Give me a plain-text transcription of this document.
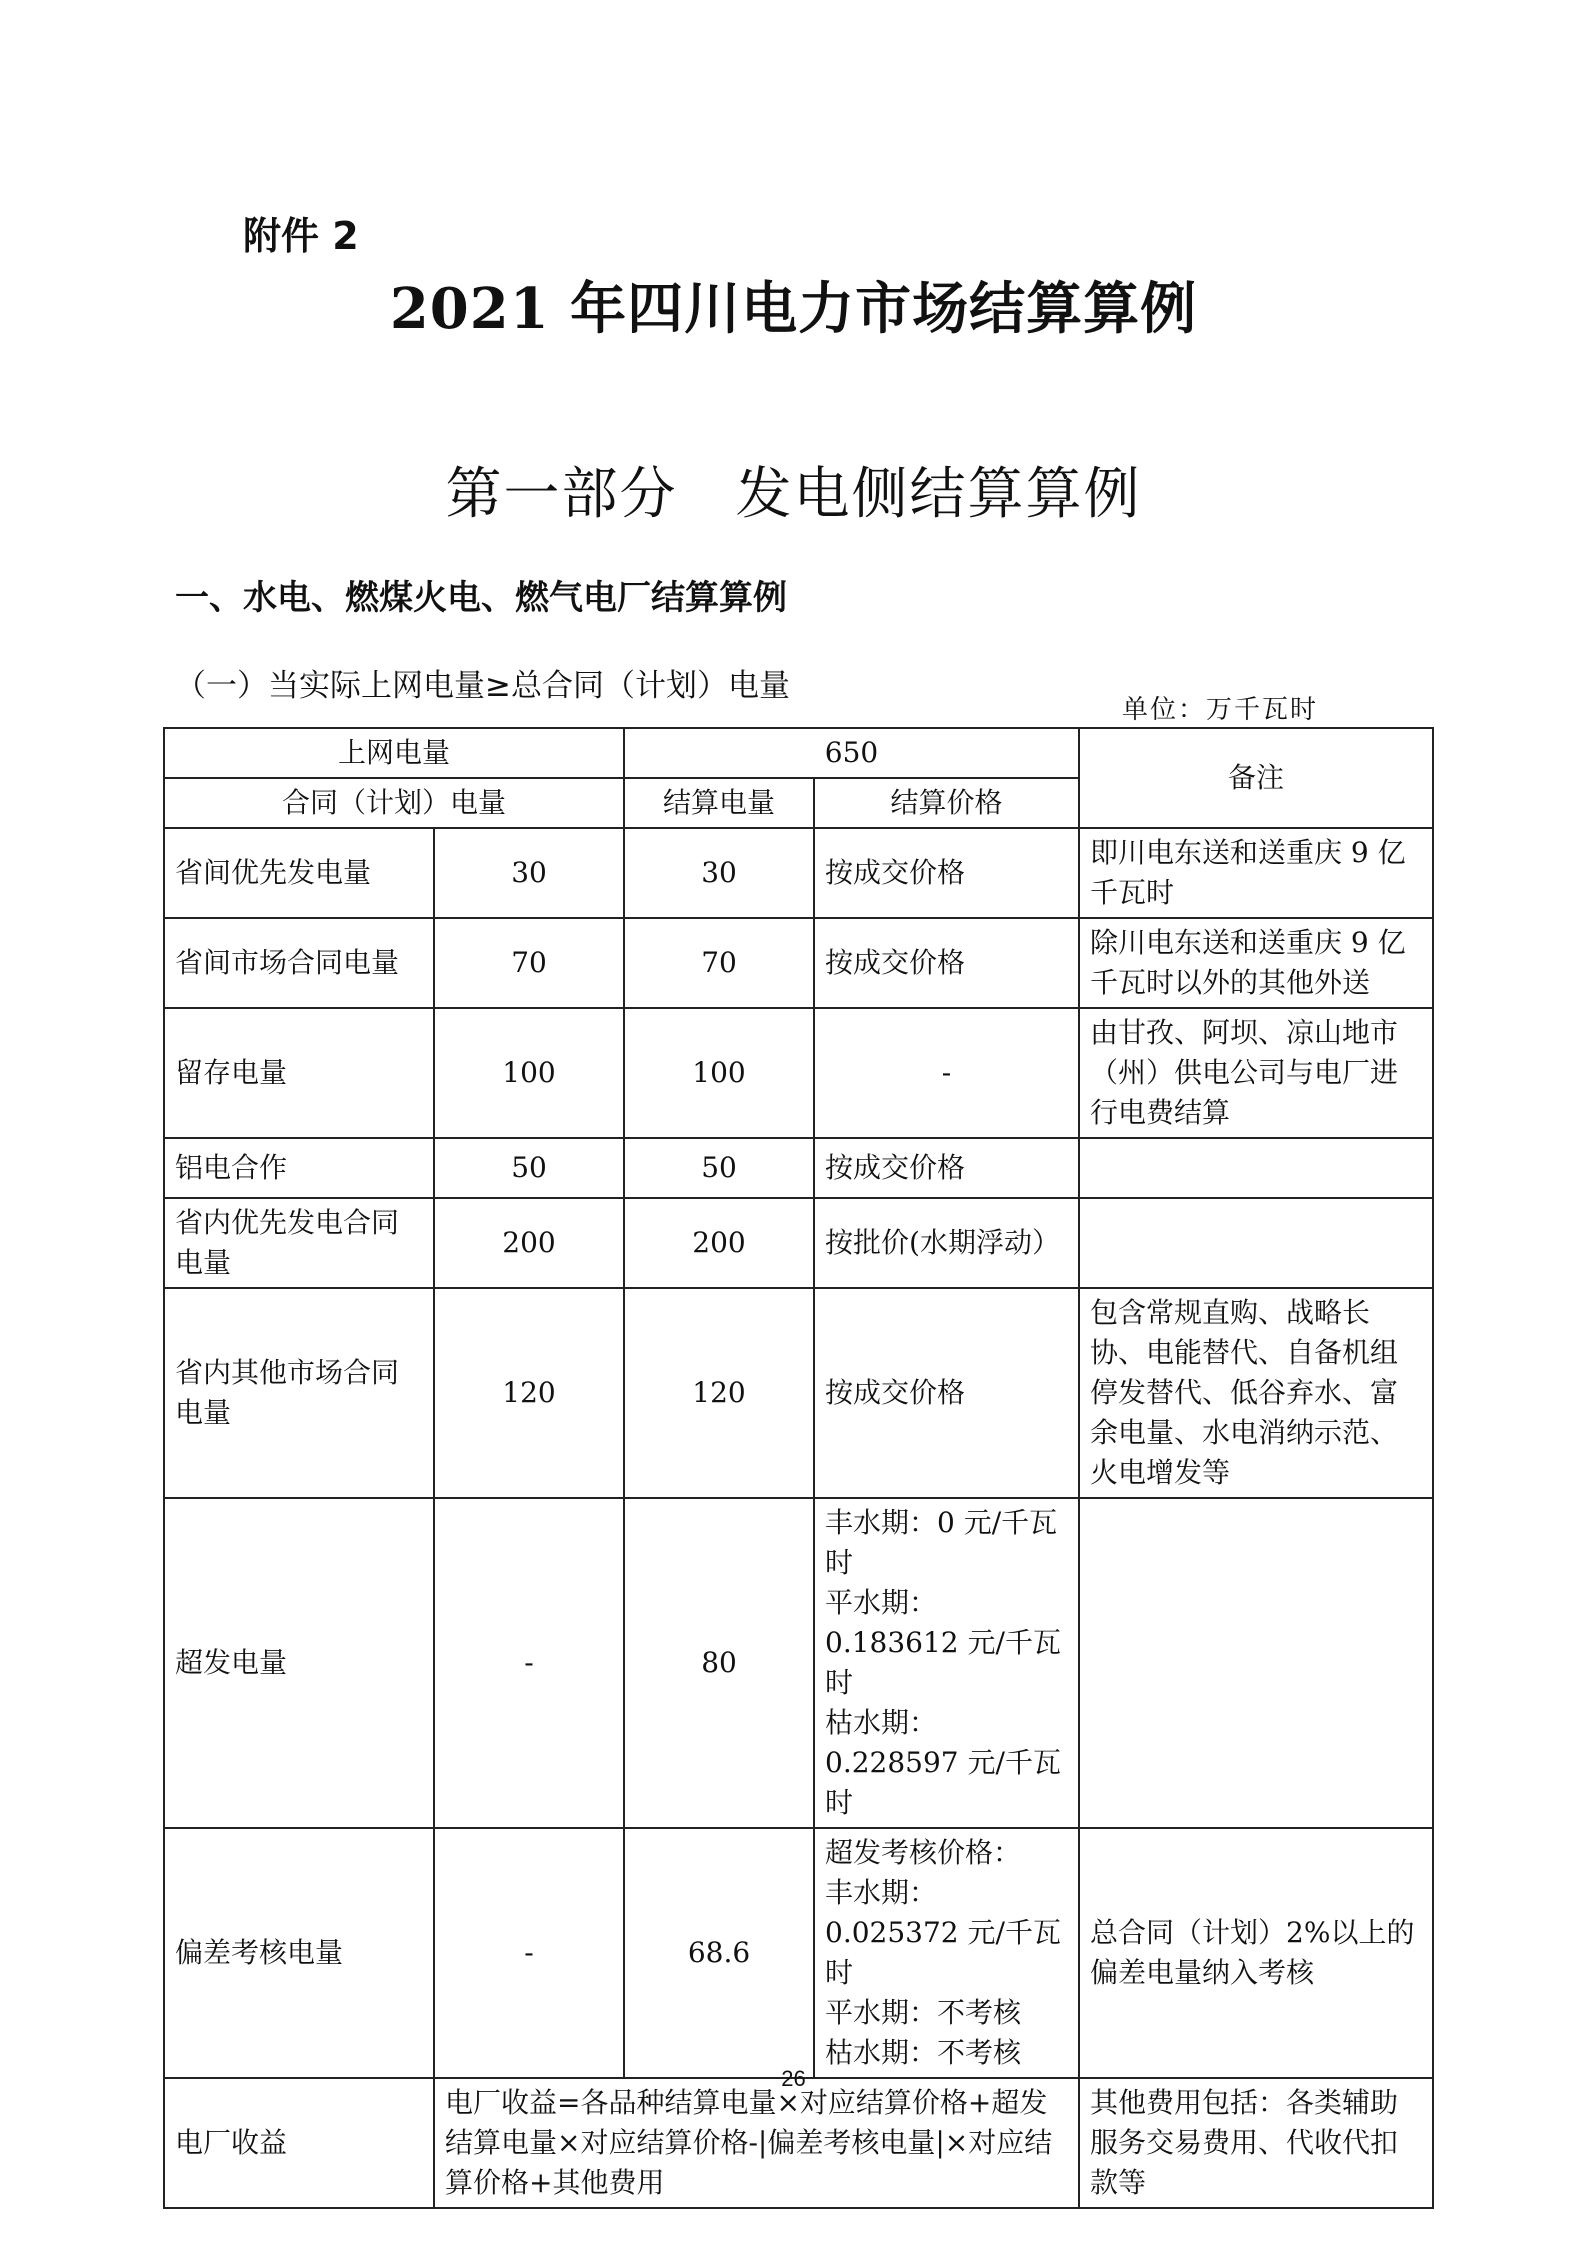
附件 2
2021 年四川电力市场结算算例
第一部分　发电侧结算算例
一、水电、燃煤火电、燃气电厂结算算例
（一）当实际上网电量≥总合同（计划）电量
单位：万千瓦时
上网电量		650		备注
合同（计划）电量		结算电量	结算价格	
省间优先发电量	30	30	按成交价格	即川电东送和送重庆 9 亿千瓦时
省间市场合同电量	70	70	按成交价格	除川电东送和送重庆 9 亿千瓦时以外的其他外送
留存电量	100	100	-	由甘孜、阿坝、凉山地市（州）供电公司与电厂进行电费结算
铝电合作	50	50	按成交价格	
省内优先发电合同电量	200	200	按批价(水期浮动）	
省内其他市场合同电量	120	120	按成交价格	包含常规直购、战略长协、电能替代、自备机组停发替代、低谷弃水、富余电量、水电消纳示范、火电增发等
超发电量	-	80	丰水期：0 元/千瓦时
平水期：0.183612 元/千瓦时
枯水期：0.228597 元/千瓦时	
偏差考核电量	-	68.6	超发考核价格：
丰水期：0.025372 元/千瓦时
平水期：不考核
枯水期：不考核	总合同（计划）2%以上的偏差电量纳入考核
电厂收益	电厂收益=各品种结算电量×对应结算价格+超发结算电量×对应结算价格-|偏差考核电量|×对应结算价格+其他费用			其他费用包括：各类辅助服务交易费用、代收代扣款等
26
